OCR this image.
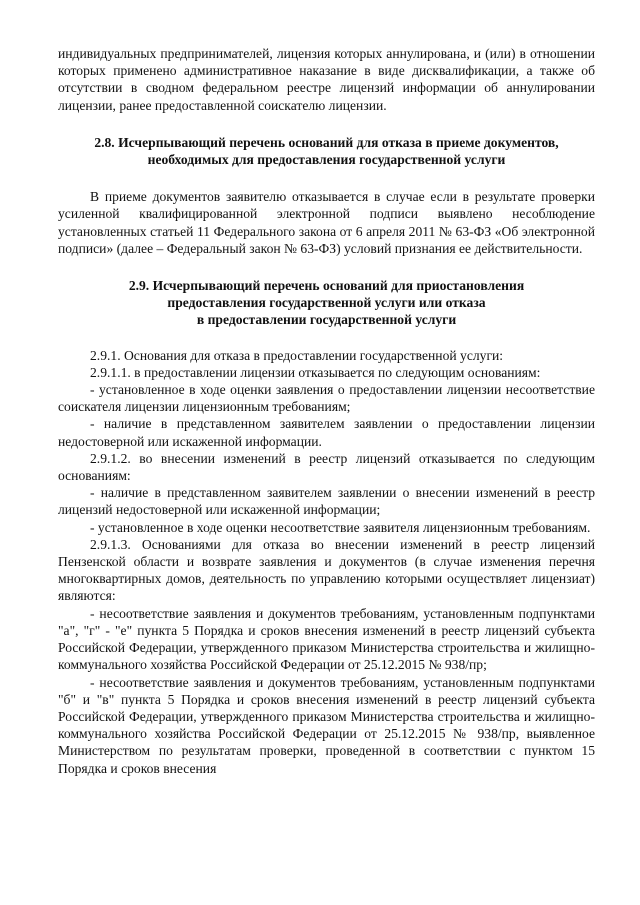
индивидуальных предпринимателей, лицензия которых аннулирована, и (или) в отношении которых применено административное наказание в виде дисквалификации, а также об отсутствии в сводном федеральном реестре лицензий информации об аннулировании лицензии, ранее предоставленной соискателю лицензии.

2.8. Исчерпывающий перечень оснований для отказа в приеме документов, необходимых для предоставления государственной услуги

В приеме документов заявителю отказывается в случае если в результате проверки усиленной квалифицированной электронной подписи выявлено несоблюдение установленных статьей 11 Федерального закона от 6 апреля 2011 № 63-ФЗ «Об электронной подписи» (далее – Федеральный закон № 63-ФЗ) условий признания ее действительности.

2.9. Исчерпывающий перечень оснований для приостановления
предоставления государственной услуги или отказа
в предоставлении государственной услуги

2.9.1. Основания для отказа в предоставлении государственной услуги:

2.9.1.1. в предоставлении лицензии отказывается по следующим основаниям:

- установленное в ходе оценки заявления о предоставлении лицензии несоответствие соискателя лицензии лицензионным требованиям;

- наличие в представленном заявителем заявлении о предоставлении лицензии недостоверной или искаженной информации.

2.9.1.2. во внесении изменений в реестр лицензий отказывается по следующим основаниям:

- наличие в представленном заявителем заявлении о внесении изменений в реестр лицензий недостоверной или искаженной информации;

- установленное в ходе оценки несоответствие заявителя лицензионным требованиям.

2.9.1.3. Основаниями для отказа во внесении изменений в реестр лицензий Пензенской области и возврате заявления и документов (в случае изменения перечня многоквартирных домов, деятельность по управлению которыми осуществляет лицензиат) являются:

- несоответствие заявления и документов требованиям, установленным подпунктами "а", "г" - "е" пункта 5 Порядка и сроков внесения изменений в реестр лицензий субъекта Российской Федерации, утвержденного приказом Министерства строительства и жилищно-коммунального хозяйства Российской Федерации от 25.12.2015 № 938/пр;

- несоответствие заявления и документов требованиям, установленным подпунктами "б" и "в" пункта 5 Порядка и сроков внесения изменений в реестр лицензий субъекта Российской Федерации, утвержденного приказом Министерства строительства и жилищно-коммунального хозяйства Российской Федерации от 25.12.2015 № 938/пр, выявленное Министерством по результатам проверки, проведенной в соответствии с пунктом 15 Порядка и сроков внесения
